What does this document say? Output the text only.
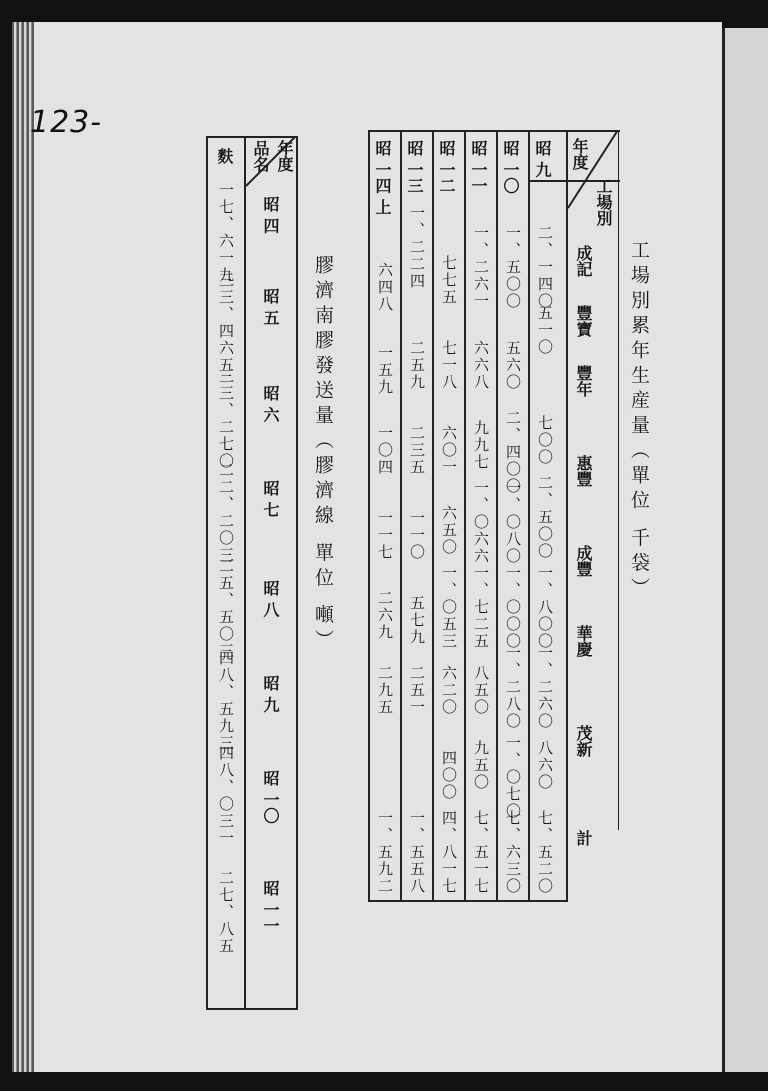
123-
工場別累年生産量（單位 千袋）
工場別
年度
成記
豐寶
豐年
惠豐
成豐
華慶
茂新
計
昭 九
二、一四〇
五一〇
七〇〇
二、五〇〇
一、八〇〇
一、二六〇
八六〇
七、五二〇
昭 一〇
一、五〇〇
五六〇
二、四〇〇
一、〇八〇
一、〇〇〇
一、二八〇
一、〇七〇
七、六三〇
昭 一一
一、二六一
六六八
九九七
一、〇六六
一、七二五
八五〇
九五〇
七、五一七
昭 一二
七七五
七一八
六〇一
六五〇
一、〇五三
六二〇
四〇〇
四、八一七
昭 一三
一、二二四
二五九
二三五
一一〇
五七九
二五一
一、五五八
昭 一四 上
六四八
一五九
一〇四
一一七
二六九
二九五
一、五九二
膠濟南膠發送量（膠濟線 單位 噸）
年度
品名
昭 四
昭 五
昭 六
昭 七
昭 八
昭 九
昭 一〇
昭 一一
麩
一七、六一九
三三、四六五
三三、二七〇
二二、二〇三
二五、五〇三
四八、五九三
四八、〇三一
二七、八五
